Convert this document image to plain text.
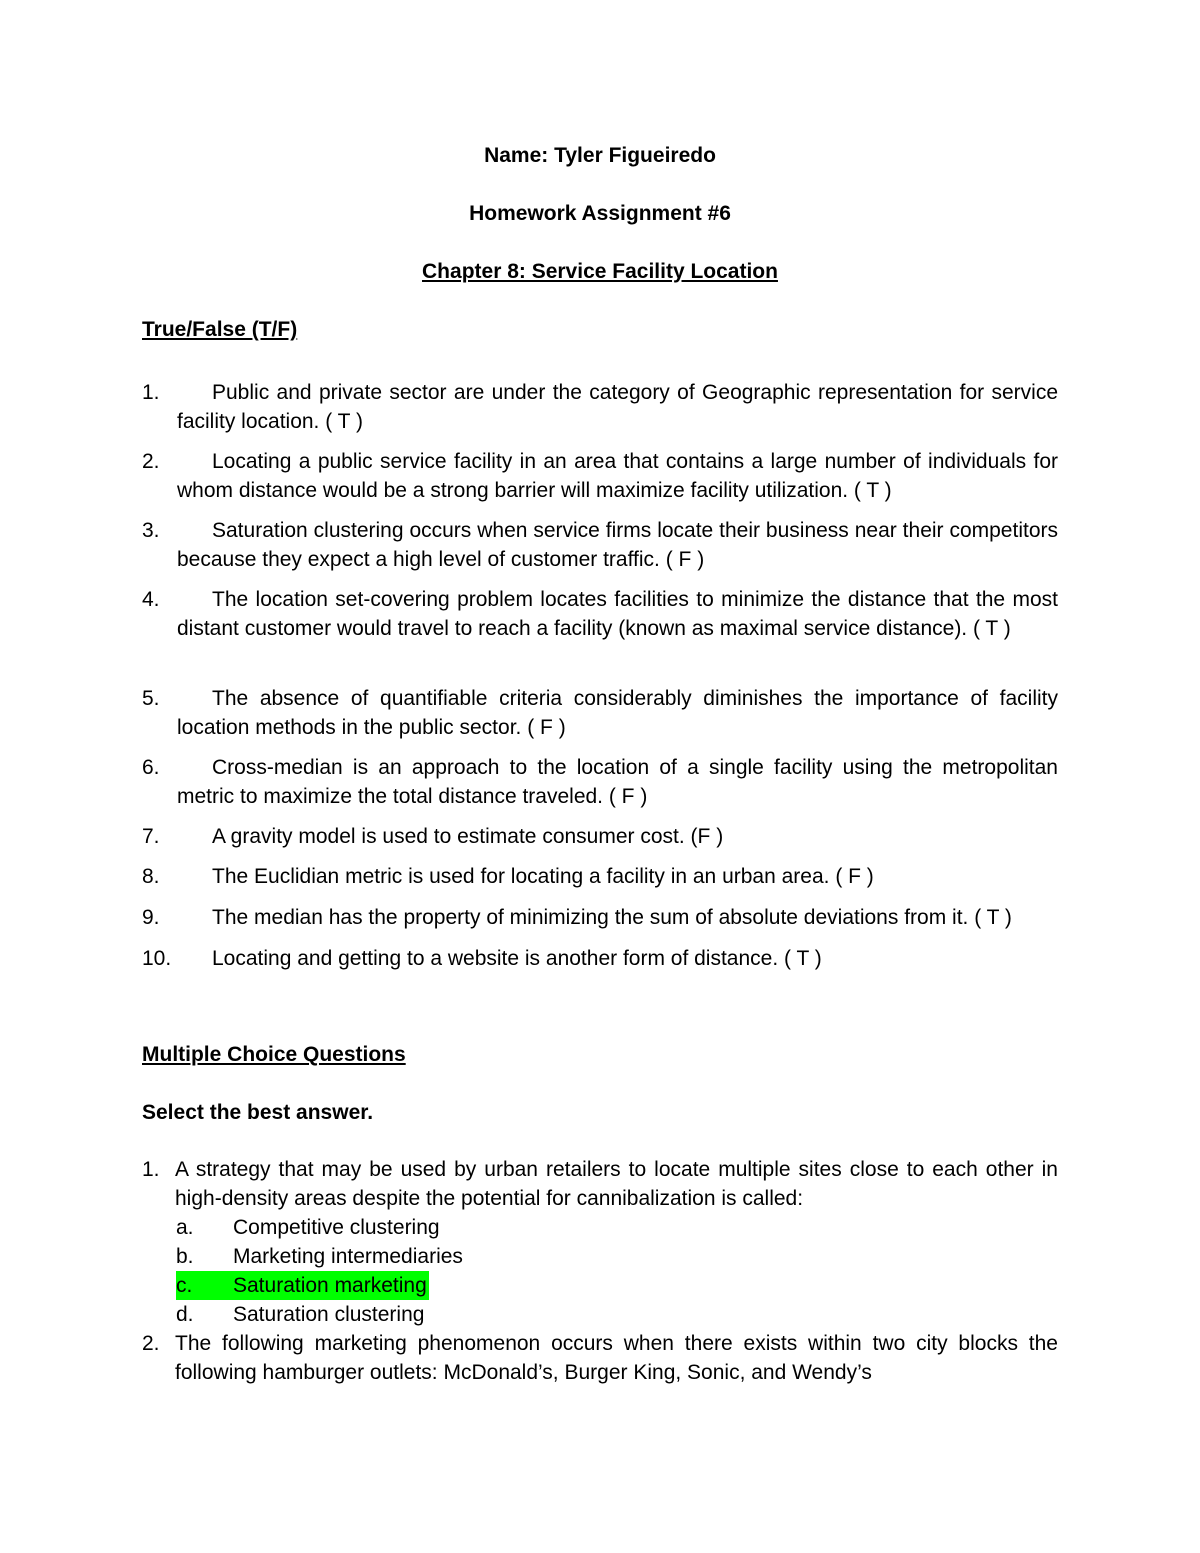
Name: Tyler Figueiredo
Homework Assignment #6
Chapter 8: Service Facility Location
True/False (T/F)
1.	Public and private sector are under the category of Geographic representation for service facility location. ( T )
2.	Locating a public service facility in an area that contains a large number of individuals for whom distance would be a strong barrier will maximize facility utilization. ( T )
3.	Saturation clustering occurs when service firms locate their business near their competitors because they expect a high level of customer traffic. ( F )
4.	The location set-covering problem locates facilities to minimize the distance that the most distant customer would travel to reach a facility (known as maximal service distance). ( T )
5.	The absence of quantifiable criteria considerably diminishes the importance of facility location methods in the public sector. ( F )
6.	Cross-median is an approach to the location of a single facility using the metropolitan metric to maximize the total distance traveled. ( F )
7.	A gravity model is used to estimate consumer cost. (F )
8.	The Euclidian metric is used for locating a facility in an urban area. ( F )
9.	The median has the property of minimizing the sum of absolute deviations from it. ( T )
10.	Locating and getting to a website is another form of distance. ( T )
Multiple Choice Questions
Select the best answer.
1. A strategy that may be used by urban retailers to locate multiple sites close to each other in high-density areas despite the potential for cannibalization is called:
a. Competitive clustering
b. Marketing intermediaries
c. Saturation marketing
d. Saturation clustering
2. The following marketing phenomenon occurs when there exists within two city blocks the following hamburger outlets: McDonald’s, Burger King, Sonic, and Wendy’s
